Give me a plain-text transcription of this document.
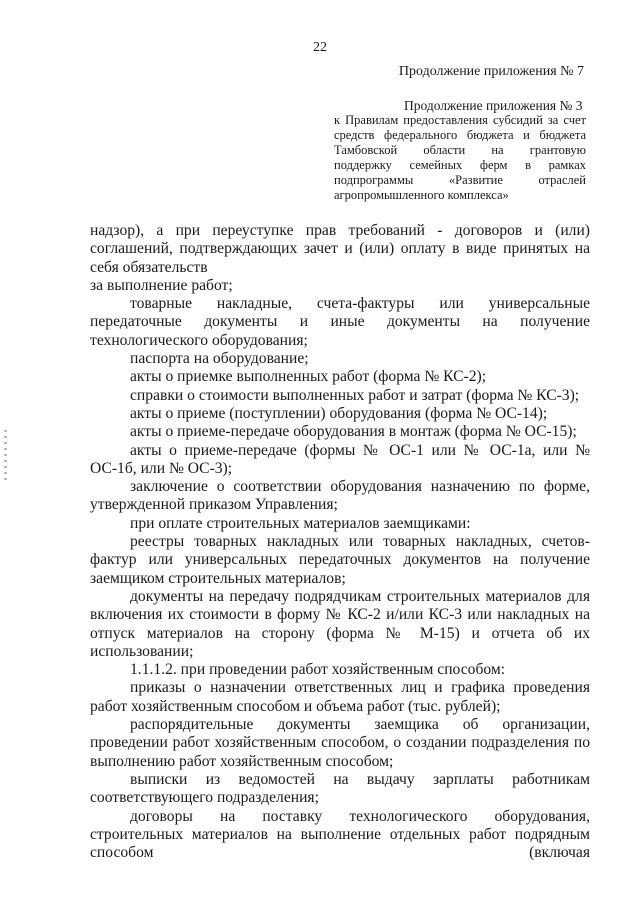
22
Продолжение приложения № 7
Продолжение приложения № 3
к Правилам предоставления субсидий за счет
средств федерального бюджета и бюджета
Тамбовской области на грантовую
поддержку семейных ферм в рамках
подпрограммы «Развитие отраслей
агропромышленного комплекса»

надзор), а при переуступке прав требований - договоров и (или) соглашений, подтверждающих зачет и (или) оплату в виде принятых на себя обязательств

за выполнение работ;

товарные накладные, счета-фактуры или универсальные передаточные документы и иные документы на получение технологического оборудования;

паспорта на оборудование;

акты о приемке выполненных работ (форма № КС-2);

справки о стоимости выполненных работ и затрат (форма № КС-3);

акты о приеме (поступлении) оборудования (форма № ОС-14);

акты о приеме-передаче оборудования в монтаж (форма № ОС-15);

акты о приеме-передаче (формы № ОС-1 или № ОС-1а, или № ОС-1б, или № ОС-3);

заключение о соответствии оборудования назначению по форме, утвержденной приказом Управления;

при оплате строительных материалов заемщиками:

реестры товарных накладных или товарных накладных, счетов-фактур или универсальных передаточных документов на получение заемщиком строительных материалов;

документы на передачу подрядчикам строительных материалов для включения их стоимости в форму № КС-2 и/или КС-3 или накладных на отпуск материалов на сторону (форма № М-15) и отчета об их использовании;

1.1.1.2. при проведении работ хозяйственным способом:

приказы о назначении ответственных лиц и графика проведения работ хозяйственным способом и объема работ (тыс. рублей);

распорядительные документы заемщика об организации, проведении работ хозяйственным способом, о создании подразделения по выполнению работ хозяйственным способом;

выписки из ведомостей на выдачу зарплаты работникам соответствующего подразделения;

договоры на поставку технологического оборудования, строительных материалов на выполнение отдельных работ подрядным способом (включая
